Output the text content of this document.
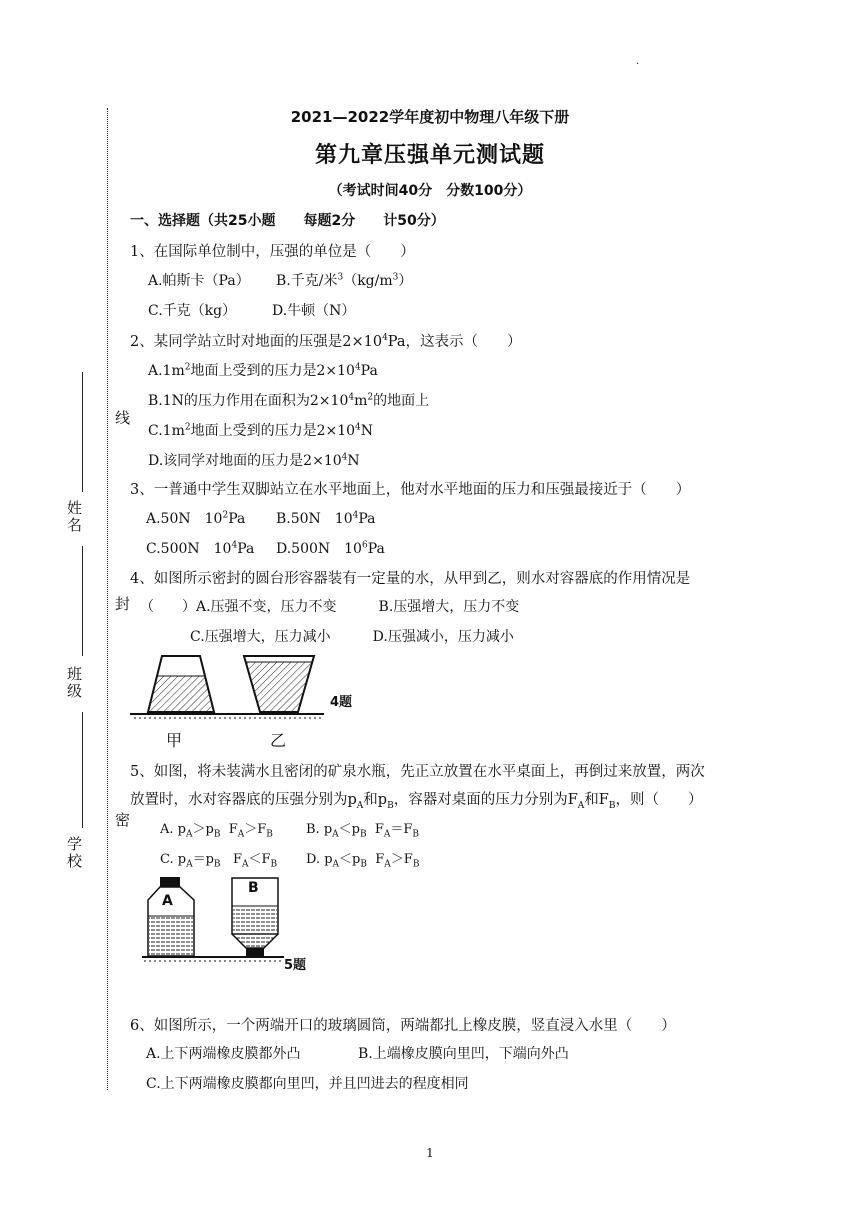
.
线
封
密
姓名
班级
学校
2021—2022学年度初中物理八年级下册
第九章压强单元测试题
（考试时间40分　分数100分）
一、选择题（共25小题　　每题2分　　计50分）
1、在国际单位制中，压强的单位是（　　）
A.帕斯卡（Pa） B.千克/米$^3(kg/m^3)$
C.千克（kg）	D.牛顿（N）
2、某同学站立时对地面的压强是$2\times 10^4Pa$，这表示（　　）
$A.1m^2$地面上受到的压力是$2\times 10^4Pa$
B.1N的压力作用在面积为$2\times 10^4m^2$的地面上
$C.1m^2$地面上受到的压力是$2\times 10^4N$
D.该同学对地面的压力是$2\times 10^4N$
3、一普通中学生双脚站立在水平地面上，他对水平地面的压力和压强最接近于（　　）
A.50N　$10^2Pa$ B.50N　$10^4Pa$
C.500N　$10^4Pa$ D.500N　$10^6Pa$
4、如图所示密封的圆台形容器装有一定量的水，从甲到乙，则水对容器底的作用情况是
（　　）A.压强不变，压力不变　　　B.压强增大，压力不变
C.压强增大，压力减小　　　D.压强减小，压力减小
4题
甲	乙
5、如图，将未装满水且密闭的矿泉水瓶，先正立放置在水平桌面上，再倒过来放置，两次
放置时，水对容器底的压强分别为$p_A$和$p_B$，容器对桌面的压力分别为$F_A$和$F_B$，则（　　）
A. $p_A>p_B$ $F_A>F_B$	B. $p_A<p_B$ $F_A=F_B$
C. $p_A=p_B$ $F_A<F_B$ D. $p_A<p_B$ $F_A>F_B$
A
B
5题
6、如图所示，一个两端开口的玻璃圆筒，两端都扎上橡皮膜，竖直浸入水里（　　）
A.上下两端橡皮膜都外凸	B.上端橡皮膜向里凹，下端向外凸
C.上下两端橡皮膜都向里凹，并且凹进去的程度相同
1
